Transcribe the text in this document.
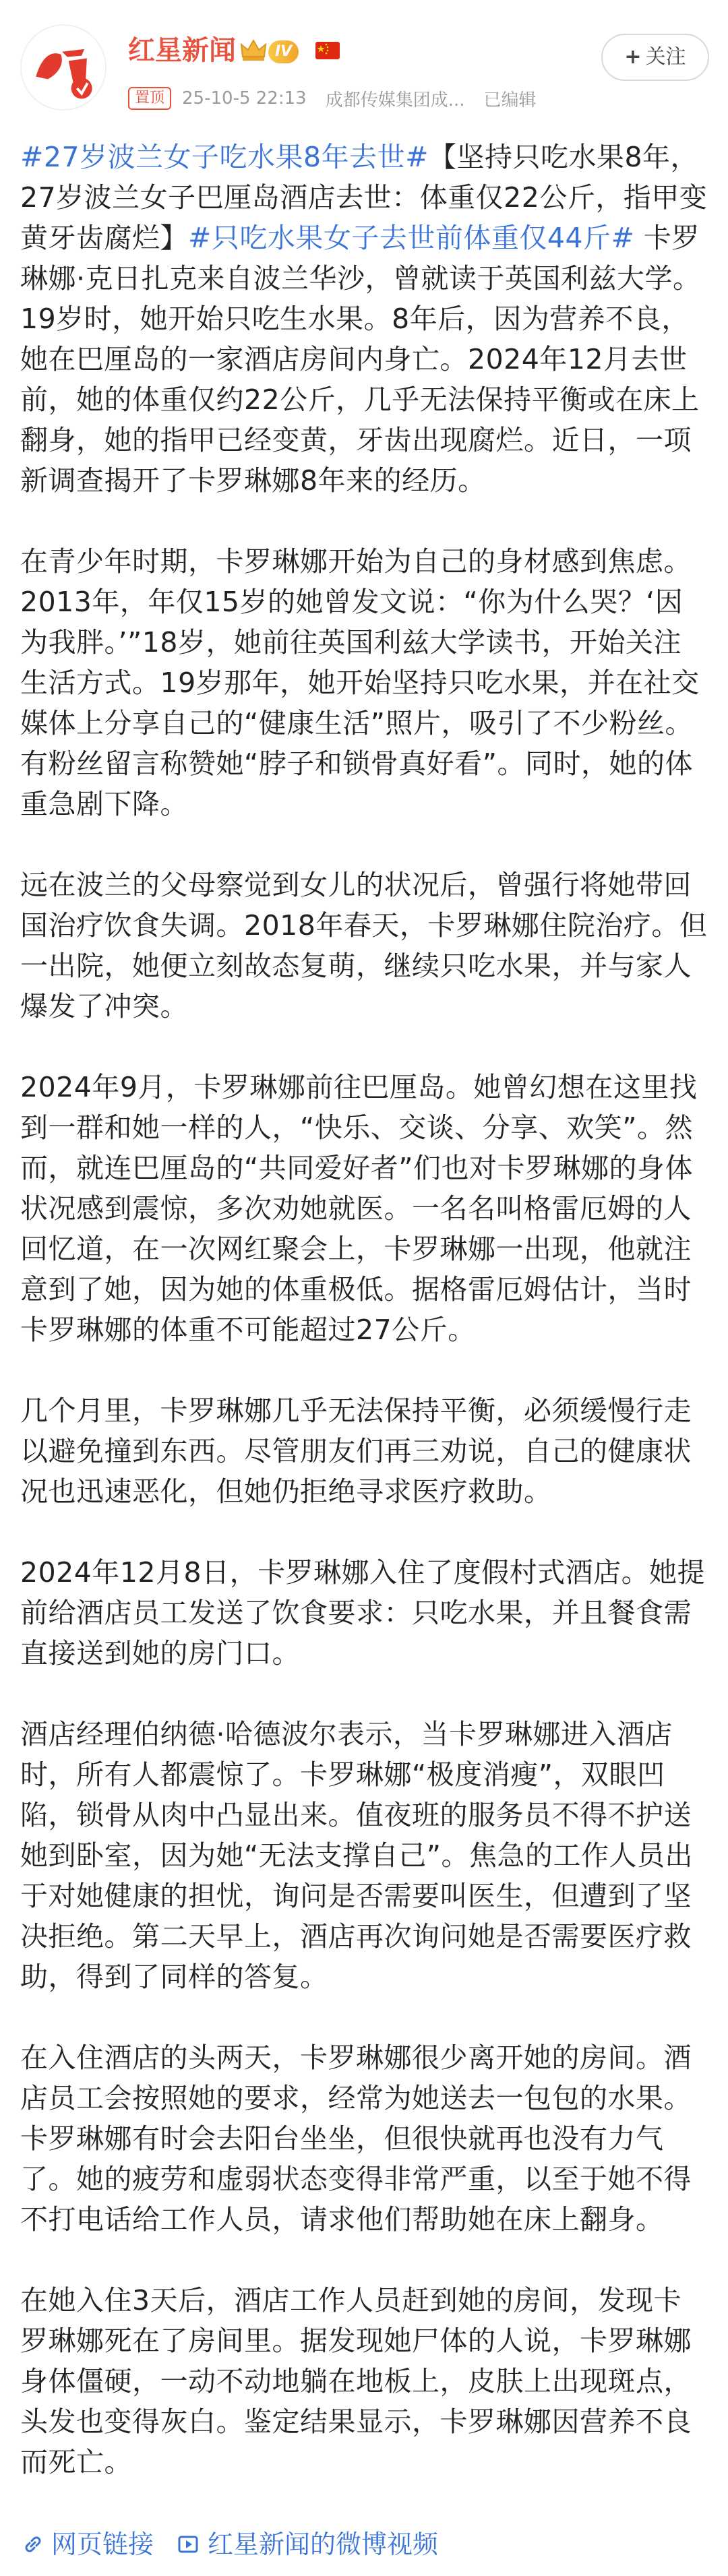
红星新闻	IV
置顶	25-10-5 22:13 成都传媒集团成... 已编辑
+ 关注

#27岁波兰女子吃水果8年去世#【坚持只吃水果8年，27岁波兰女子巴厘岛酒店去世：体重仅22公斤，指甲变黄牙齿腐烂】#只吃水果女子去世前体重仅44斤# 卡罗琳娜·克日扎克来自波兰华沙，曾就读于英国利兹大学。19岁时，她开始只吃生水果。8年后，因为营养不良，她在巴厘岛的一家酒店房间内身亡。2024年12月去世前，她的体重仅约22公斤，几乎无法保持平衡或在床上翻身，她的指甲已经变黄，牙齿出现腐烂。近日，一项新调查揭开了卡罗琳娜8年来的经历。

在青少年时期，卡罗琳娜开始为自己的身材感到焦虑。2013年，年仅15岁的她曾发文说：“你为什么哭？‘因为我胖。’”18岁，她前往英国利兹大学读书，开始关注生活方式。19岁那年，她开始坚持只吃水果，并在社交媒体上分享自己的“健康生活”照片，吸引了不少粉丝。有粉丝留言称赞她“脖子和锁骨真好看”。同时，她的体重急剧下降。

远在波兰的父母察觉到女儿的状况后，曾强行将她带回国治疗饮食失调。2018年春天，卡罗琳娜住院治疗。但一出院，她便立刻故态复萌，继续只吃水果，并与家人爆发了冲突。

2024年9月，卡罗琳娜前往巴厘岛。她曾幻想在这里找到一群和她一样的人，“快乐、交谈、分享、欢笑”。然而，就连巴厘岛的“共同爱好者”们也对卡罗琳娜的身体状况感到震惊，多次劝她就医。一名名叫格雷厄姆的人回忆道，在一次网红聚会上，卡罗琳娜一出现，他就注意到了她，因为她的体重极低。据格雷厄姆估计，当时卡罗琳娜的体重不可能超过27公斤。

几个月里，卡罗琳娜几乎无法保持平衡，必须缓慢行走以避免撞到东西。尽管朋友们再三劝说，自己的健康状况也迅速恶化，但她仍拒绝寻求医疗救助。

2024年12月8日，卡罗琳娜入住了度假村式酒店。她提前给酒店员工发送了饮食要求：只吃水果，并且餐食需直接送到她的房门口。

酒店经理伯纳德·哈德波尔表示，当卡罗琳娜进入酒店时，所有人都震惊了。卡罗琳娜“极度消瘦”，双眼凹陷，锁骨从肉中凸显出来。值夜班的服务员不得不护送她到卧室，因为她“无法支撑自己”。焦急的工作人员出于对她健康的担忧，询问是否需要叫医生，但遭到了坚决拒绝。第二天早上，酒店再次询问她是否需要医疗救助，得到了同样的答复。

在入住酒店的头两天，卡罗琳娜很少离开她的房间。酒店员工会按照她的要求，经常为她送去一包包的水果。卡罗琳娜有时会去阳台坐坐，但很快就再也没有力气了。她的疲劳和虚弱状态变得非常严重，以至于她不得不打电话给工作人员，请求他们帮助她在床上翻身。

在她入住3天后，酒店工作人员赶到她的房间，发现卡罗琳娜死在了房间里。据发现她尸体的人说，卡罗琳娜身体僵硬，一动不动地躺在地板上，皮肤上出现斑点，头发也变得灰白。鉴定结果显示，卡罗琳娜因营养不良而死亡。

网页链接 红星新闻的微博视频
